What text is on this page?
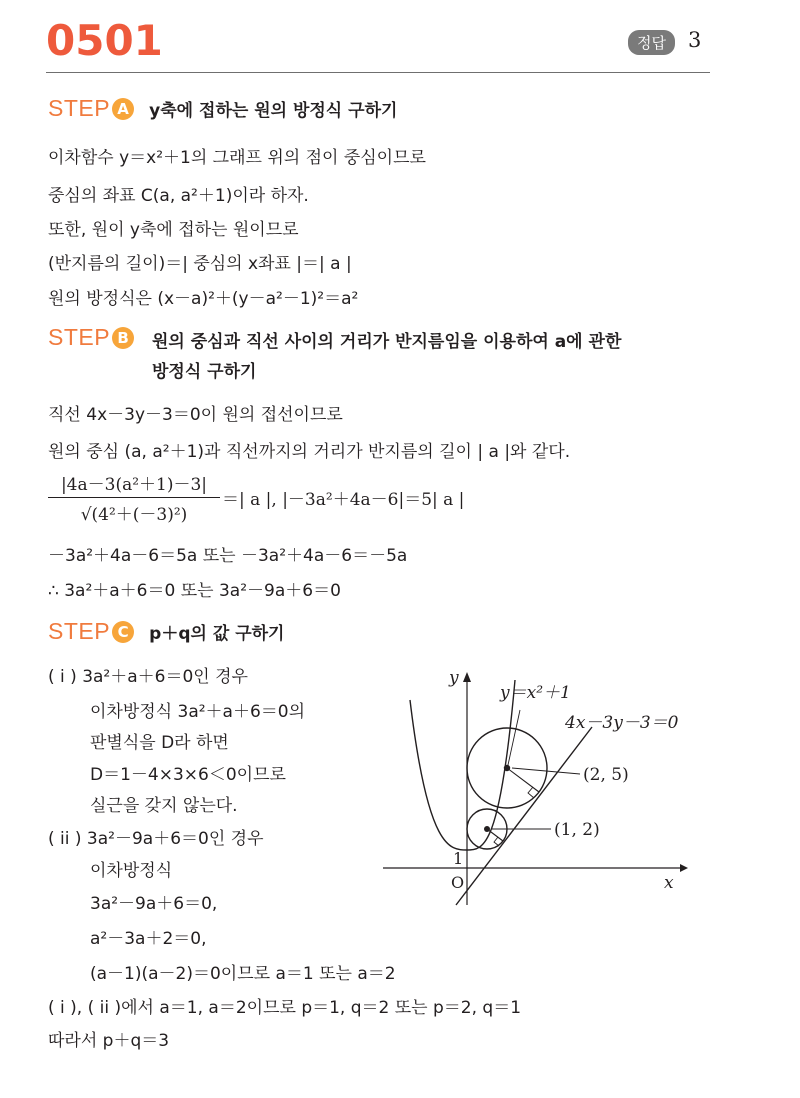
0501	정답	3
STEP A y축에 접하는 원의 방정식 구하기
이차함수 y＝x²＋1의 그래프 위의 점이 중심이므로
중심의 좌표 C(a, a²＋1)이라 하자.
또한, 원이 y축에 접하는 원이므로
(반지름의 길이)＝| 중심의 x좌표 |＝| a |
원의 방정식은 (x－a)²＋(y－a²－1)²＝a²
STEP B	원의 중심과 직선 사이의 거리가 반지름임을 이용하여 a에 관한
방정식 구하기
직선 4x－3y－3＝0이 원의 접선이므로
원의 중심 (a, a²＋1)과 직선까지의 거리가 반지름의 길이 | a |와 같다.
$\frac{\text{|4a－3(a²＋1)－3|}}{\text{√(4²＋(－3)²)}}$ ＝| a |, |－3a²＋4a－6|＝5| a |
－3a²＋4a－6＝5a 또는 －3a²＋4a－6＝－5a
∴ 3a²＋a＋6＝0 또는 3a²－9a＋6＝0
STEP C p＋q의 값 구하기
( i ) 3a²＋a＋6＝0인 경우
이차방정식 3a²＋a＋6＝0의
판별식을 D라 하면
D＝1－4×3×6＜0이므로
실근을 갖지 않는다.
( ii ) 3a²－9a＋6＝0인 경우
이차방정식
3a²－9a＋6＝0,
a²－3a＋2＝0,
(a－1)(a－2)＝0이므로 a＝1 또는 a＝2
( i ), ( ii )에서 a＝1, a＝2이므로 p＝1, q＝2 또는 p＝2, q＝1
따라서 p＋q＝3
y
x
O
1
y＝x²＋1
4x－3y－3＝0
(2, 5)
(1, 2)
